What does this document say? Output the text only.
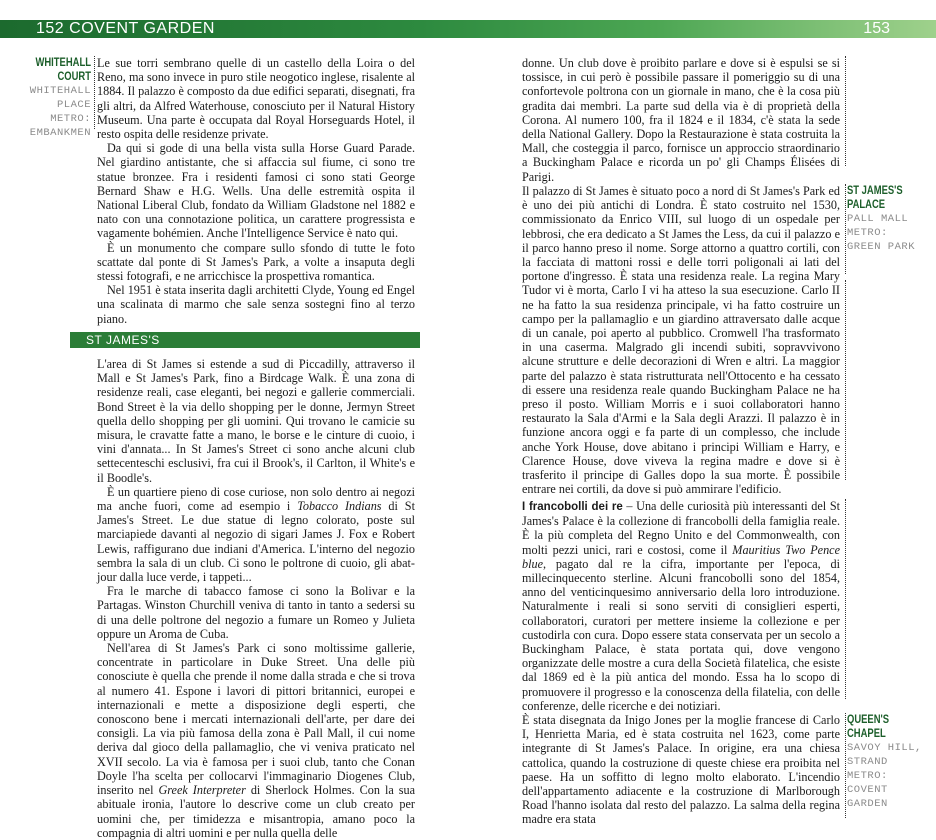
152 COVENT GARDEN	153
WHITEHALL
COURT
WHITEHALL
PLACE
METRO:
EMBANKMEN

Le sue torri sembrano quelle di un castello della Loira o del Reno, ma sono invece in puro stile neogotico inglese, risalente al 1884. Il palazzo è composto da due edifici separati, disegnati, fra gli altri, da Alfred Waterhouse, conosciuto per il Natural History Museum. Una parte è occupata dal Royal Horseguards Hotel, il resto ospita delle residenze private.

Da qui si gode di una bella vista sulla Horse Guard Parade. Nel giardino antistante, che si affaccia sul fiume, ci sono tre statue bronzee. Fra i residenti famosi ci sono stati George Bernard Shaw e H.G. Wells. Una delle estremità ospita il National Liberal Club, fondato da William Gladstone nel 1882 e nato con una connotazione politica, un carattere progressista e vagamente bohémien. Anche l'Intelligence Service è nato qui.

È un monumento che compare sullo sfondo di tutte le foto scattate dal ponte di St James's Park, a volte a insaputa degli stessi fotografi, e ne arricchisce la prospettiva romantica.

Nel 1951 è stata inserita dagli architetti Clyde, Young ed Engel una scalinata di marmo che sale senza sostegni fino al terzo piano.

ST JAMES'S

L'area di St James si estende a sud di Piccadilly, attraverso il Mall e St James's Park, fino a Birdcage Walk. È una zona di residenze reali, case eleganti, bei negozi e gallerie commerciali. Bond Street è la via dello shopping per le donne, Jermyn Street quella dello shopping per gli uomini. Qui trovano le camicie su misura, le cravatte fatte a mano, le borse e le cinture di cuoio, i vini d'annata... In St James's Street ci sono anche alcuni club settecenteschi esclusivi, fra cui il Brook's, il Carlton, il White's e il Boodle's.

È un quartiere pieno di cose curiose, non solo dentro ai negozi ma anche fuori, come ad esempio i Tobacco Indians di St James's Street. Le due statue di legno colorato, poste sul marciapiede davanti al negozio di sigari James J. Fox e Robert Lewis, raffigurano due indiani d'America. L'interno del negozio sembra la sala di un club. Ci sono le poltrone di cuoio, gli abat-jour dalla luce verde, i tappeti...

Fra le marche di tabacco famose ci sono la Bolivar e la Partagas. Winston Churchill veniva di tanto in tanto a sedersi su di una delle poltrone del negozio a fumare un Romeo y Julieta oppure un Aroma de Cuba.

Nell'area di St James's Park ci sono moltissime gallerie, concentrate in particolare in Duke Street. Una delle più conosciute è quella che prende il nome dalla strada e che si trova al numero 41. Espone i lavori di pittori britannici, europei e internazionali e mette a disposizione degli esperti, che conoscono bene i mercati internazionali dell'arte, per dare dei consigli. La via più famosa della zona è Pall Mall, il cui nome deriva dal gioco della pallamaglio, che vi veniva praticato nel XVII secolo. La via è famosa per i suoi club, tanto che Conan Doyle l'ha scelta per collocarvi l'immaginario Diogenes Club, inserito nel Greek Interpreter di Sherlock Holmes. Con la sua abituale ironia, l'autore lo descrive come un club creato per uomini che, per timidezza e misantropia, amano poco la compagnia di altri uomini e per nulla quella delle

donne. Un club dove è proibito parlare e dove si è espulsi se si tossisce, in cui però è possibile passare il pomeriggio su di una confortevole poltrona con un giornale in mano, che è la cosa più gradita dai membri. La parte sud della via è di proprietà della Corona. Al numero 100, fra il 1824 e il 1834, c'è stata la sede della National Gallery. Dopo la Restaurazione è stata costruita la Mall, che costeggia il parco, fornisce un approccio straordinario a Buckingham Palace e ricorda un po' gli Champs Élisées di Parigi.

Il palazzo di St James è situato poco a nord di St James's Park ed è uno dei più antichi di Londra. È stato costruito nel 1530, commissionato da Enrico VIII, sul luogo di un ospedale per lebbrosi, che era dedicato a St James the Less, da cui il palazzo e il parco hanno preso il nome. Sorge attorno a quattro cortili, con la facciata di mattoni rossi e delle torri poligonali ai lati del portone d'ingresso. È stata una residenza reale. La regina Mary Tudor vi è morta, Carlo I vi ha atteso la sua esecuzione. Carlo II ne ha fatto la sua residenza principale, vi ha fatto costruire un campo per la pallamaglio e un giardino attraversato dalle acque di un canale, poi aperto al pubblico. Cromwell l'ha trasformato in una caserma. Malgrado gli incendi subiti, sopravvivono alcune strutture e delle decorazioni di Wren e altri. La maggior parte del palazzo è stata ristrutturata nell'Ottocento e ha cessato di essere una residenza reale quando Buckingham Palace ne ha preso il posto. William Morris e i suoi collaboratori hanno restaurato la Sala d'Armi e la Sala degli Arazzi. Il palazzo è in funzione ancora oggi e fa parte di un complesso, che include anche York House, dove abitano i principi William e Harry, e Clarence House, dove viveva la regina madre e dove si è trasferito il principe di Galles dopo la sua morte. È possibile entrare nei cortili, da dove si può ammirare l'edificio.

I francobolli dei re – Una delle curiosità più interessanti del St James's Palace è la collezione di francobolli della famiglia reale. È la più completa del Regno Unito e del Commonwealth, con molti pezzi unici, rari e costosi, come il Mauritius Two Pence blue, pagato dal re la cifra, importante per l'epoca, di millecinquecento sterline. Alcuni francobolli sono del 1854, anno del venticinquesimo anniversario della loro introduzione. Naturalmente i reali si sono serviti di consiglieri esperti, collaboratori, curatori per mettere insieme la collezione e per custodirla con cura. Dopo essere stata conservata per un secolo a Buckingham Palace, è stata portata qui, dove vengono organizzate delle mostre a cura della Società filatelica, che esiste dal 1869 ed è la più antica del mondo. Essa ha lo scopo di promuovere il progresso e la conoscenza della filatelia, con delle conferenze, delle ricerche e dei notiziari.

È stata disegnata da Inigo Jones per la moglie francese di Carlo I, Henrietta Maria, ed è stata costruita nel 1623, come parte integrante di St James's Palace. In origine, era una chiesa cattolica, quando la costruzione di queste chiese era proibita nel paese. Ha un soffitto di legno molto elaborato. L'incendio dell'appartamento adiacente e la costruzione di Marlborough Road l'hanno isolata dal resto del palazzo. La salma della regina madre era stata

ST JAMES'S
PALACE
PALL MALL
METRO:
GREEN PARK
QUEEN'S
CHAPEL
SAVOY HILL,
STRAND
METRO:
COVENT
GARDEN
